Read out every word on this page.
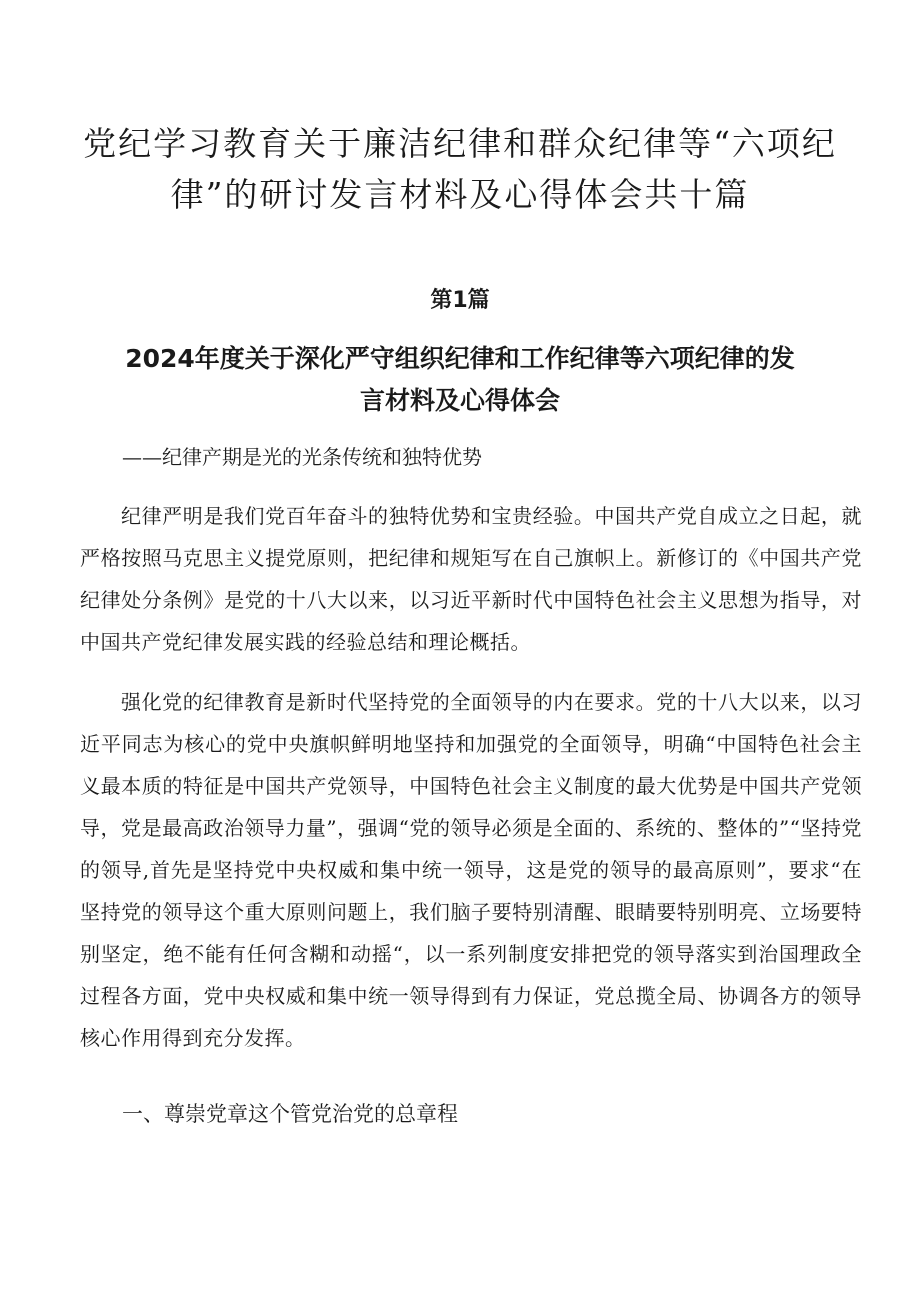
党纪学习教育关于廉洁纪律和群众纪律等“六项纪律”的研讨发言材料及心得体会共十篇
第1篇
2024年度关于深化严守组织纪律和工作纪律等六项纪律的发言材料及心得体会
——纪律产期是光的光条传统和独特优势

纪律严明是我们党百年奋斗的独特优势和宝贵经验。中国共产党自成立之日起，就严格按照马克思主义提党原则，把纪律和规矩写在自己旗帜上。新修订的《中国共产党纪律处分条例》是党的十八大以来，以习近平新时代中国特色社会主义思想为指导，对中国共产党纪律发展实践的经验总结和理论概括。

强化党的纪律教育是新时代坚持党的全面领导的内在要求。党的十八大以来，以习近平同志为核心的党中央旗帜鲜明地坚持和加强党的全面领导，明确“中国特色社会主义最本质的特征是中国共产党领导，中国特色社会主义制度的最大优势是中国共产党领导，党是最高政治领导力量”，强调“党的领导必须是全面的、系统的、整体的”“坚持党的领导,首先是坚持党中央权威和集中统一领导，这是党的领导的最高原则”，要求“在坚持党的领导这个重大原则问题上，我们脑子要特别清醒、眼睛要特别明亮、立场要特别坚定，绝不能有任何含糊和动摇“，以一系列制度安排把党的领导落实到治国理政全过程各方面，党中央权威和集中统一领导得到有力保证，党总揽全局、协调各方的领导核心作用得到充分发挥。

一、尊崇党章这个管党治党的总章程
